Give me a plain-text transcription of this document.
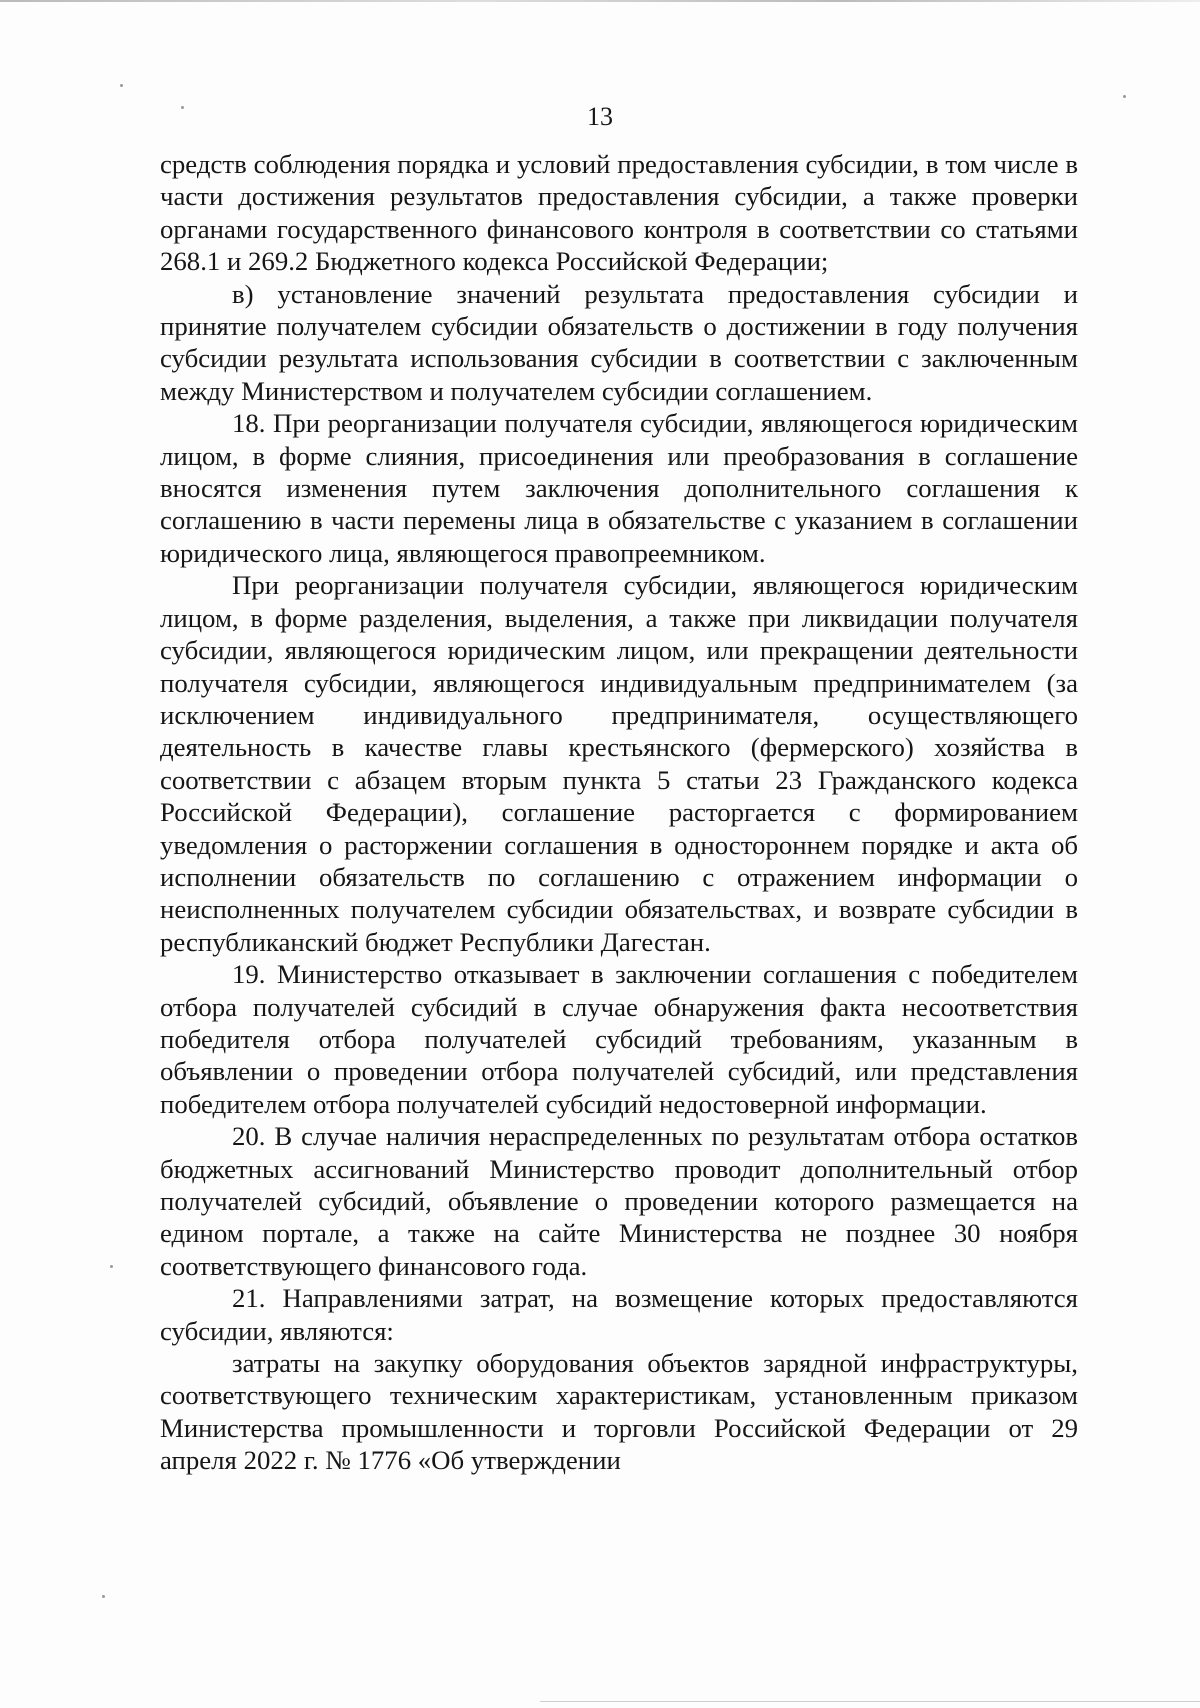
13

средств соблюдения порядка и условий предоставления субсидии, в том числе в части достижения результатов предоставления субсидии, а также проверки органами государственного финансового контроля в соответствии со статьями 268.1 и 269.2 Бюджетного кодекса Российской Федерации;

в) установление значений результата предоставления субсидии и принятие получателем субсидии обязательств о достижении в году получения субсидии результата использования субсидии в соответствии с заключенным между Министерством и получателем субсидии соглашением.

18. При реорганизации получателя субсидии, являющегося юридическим лицом, в форме слияния, присоединения или преобразования в соглашение вносятся изменения путем заключения дополнительного соглашения к соглашению в части перемены лица в обязательстве с указанием в соглашении юридического лица, являющегося правопреемником.

При реорганизации получателя субсидии, являющегося юридическим лицом, в форме разделения, выделения, а также при ликвидации получателя субсидии, являющегося юридическим лицом, или прекращении деятельности получателя субсидии, являющегося индивидуальным предпринимателем (за исключением индивидуального предпринимателя, осуществляющего деятельность в качестве главы крестьянского (фермерского) хозяйства в соответствии с абзацем вторым пункта 5 статьи 23 Гражданского кодекса Российской Федерации), соглашение расторгается с формированием уведомления о расторжении соглашения в одностороннем порядке и акта об исполнении обязательств по соглашению с отражением информации о неисполненных получателем субсидии обязательствах, и возврате субсидии в республиканский бюджет Республики Дагестан.

19. Министерство отказывает в заключении соглашения с победителем отбора получателей субсидий в случае обнаружения факта несоответствия победителя отбора получателей субсидий требованиям, указанным в объявлении о проведении отбора получателей субсидий, или представления победителем отбора получателей субсидий недостоверной информации.

20. В случае наличия нераспределенных по результатам отбора остатков бюджетных ассигнований Министерство проводит дополнительный отбор получателей субсидий, объявление о проведении которого размещается на едином портале, а также на сайте Министерства не позднее 30 ноября соответствующего финансового года.

21. Направлениями затрат, на возмещение которых предоставляются субсидии, являются:

затраты на закупку оборудования объектов зарядной инфраструктуры, соответствующего техническим характеристикам, установленным приказом Министерства промышленности и торговли Российской Федерации от 29 апреля 2022 г. № 1776 «Об утверждении
